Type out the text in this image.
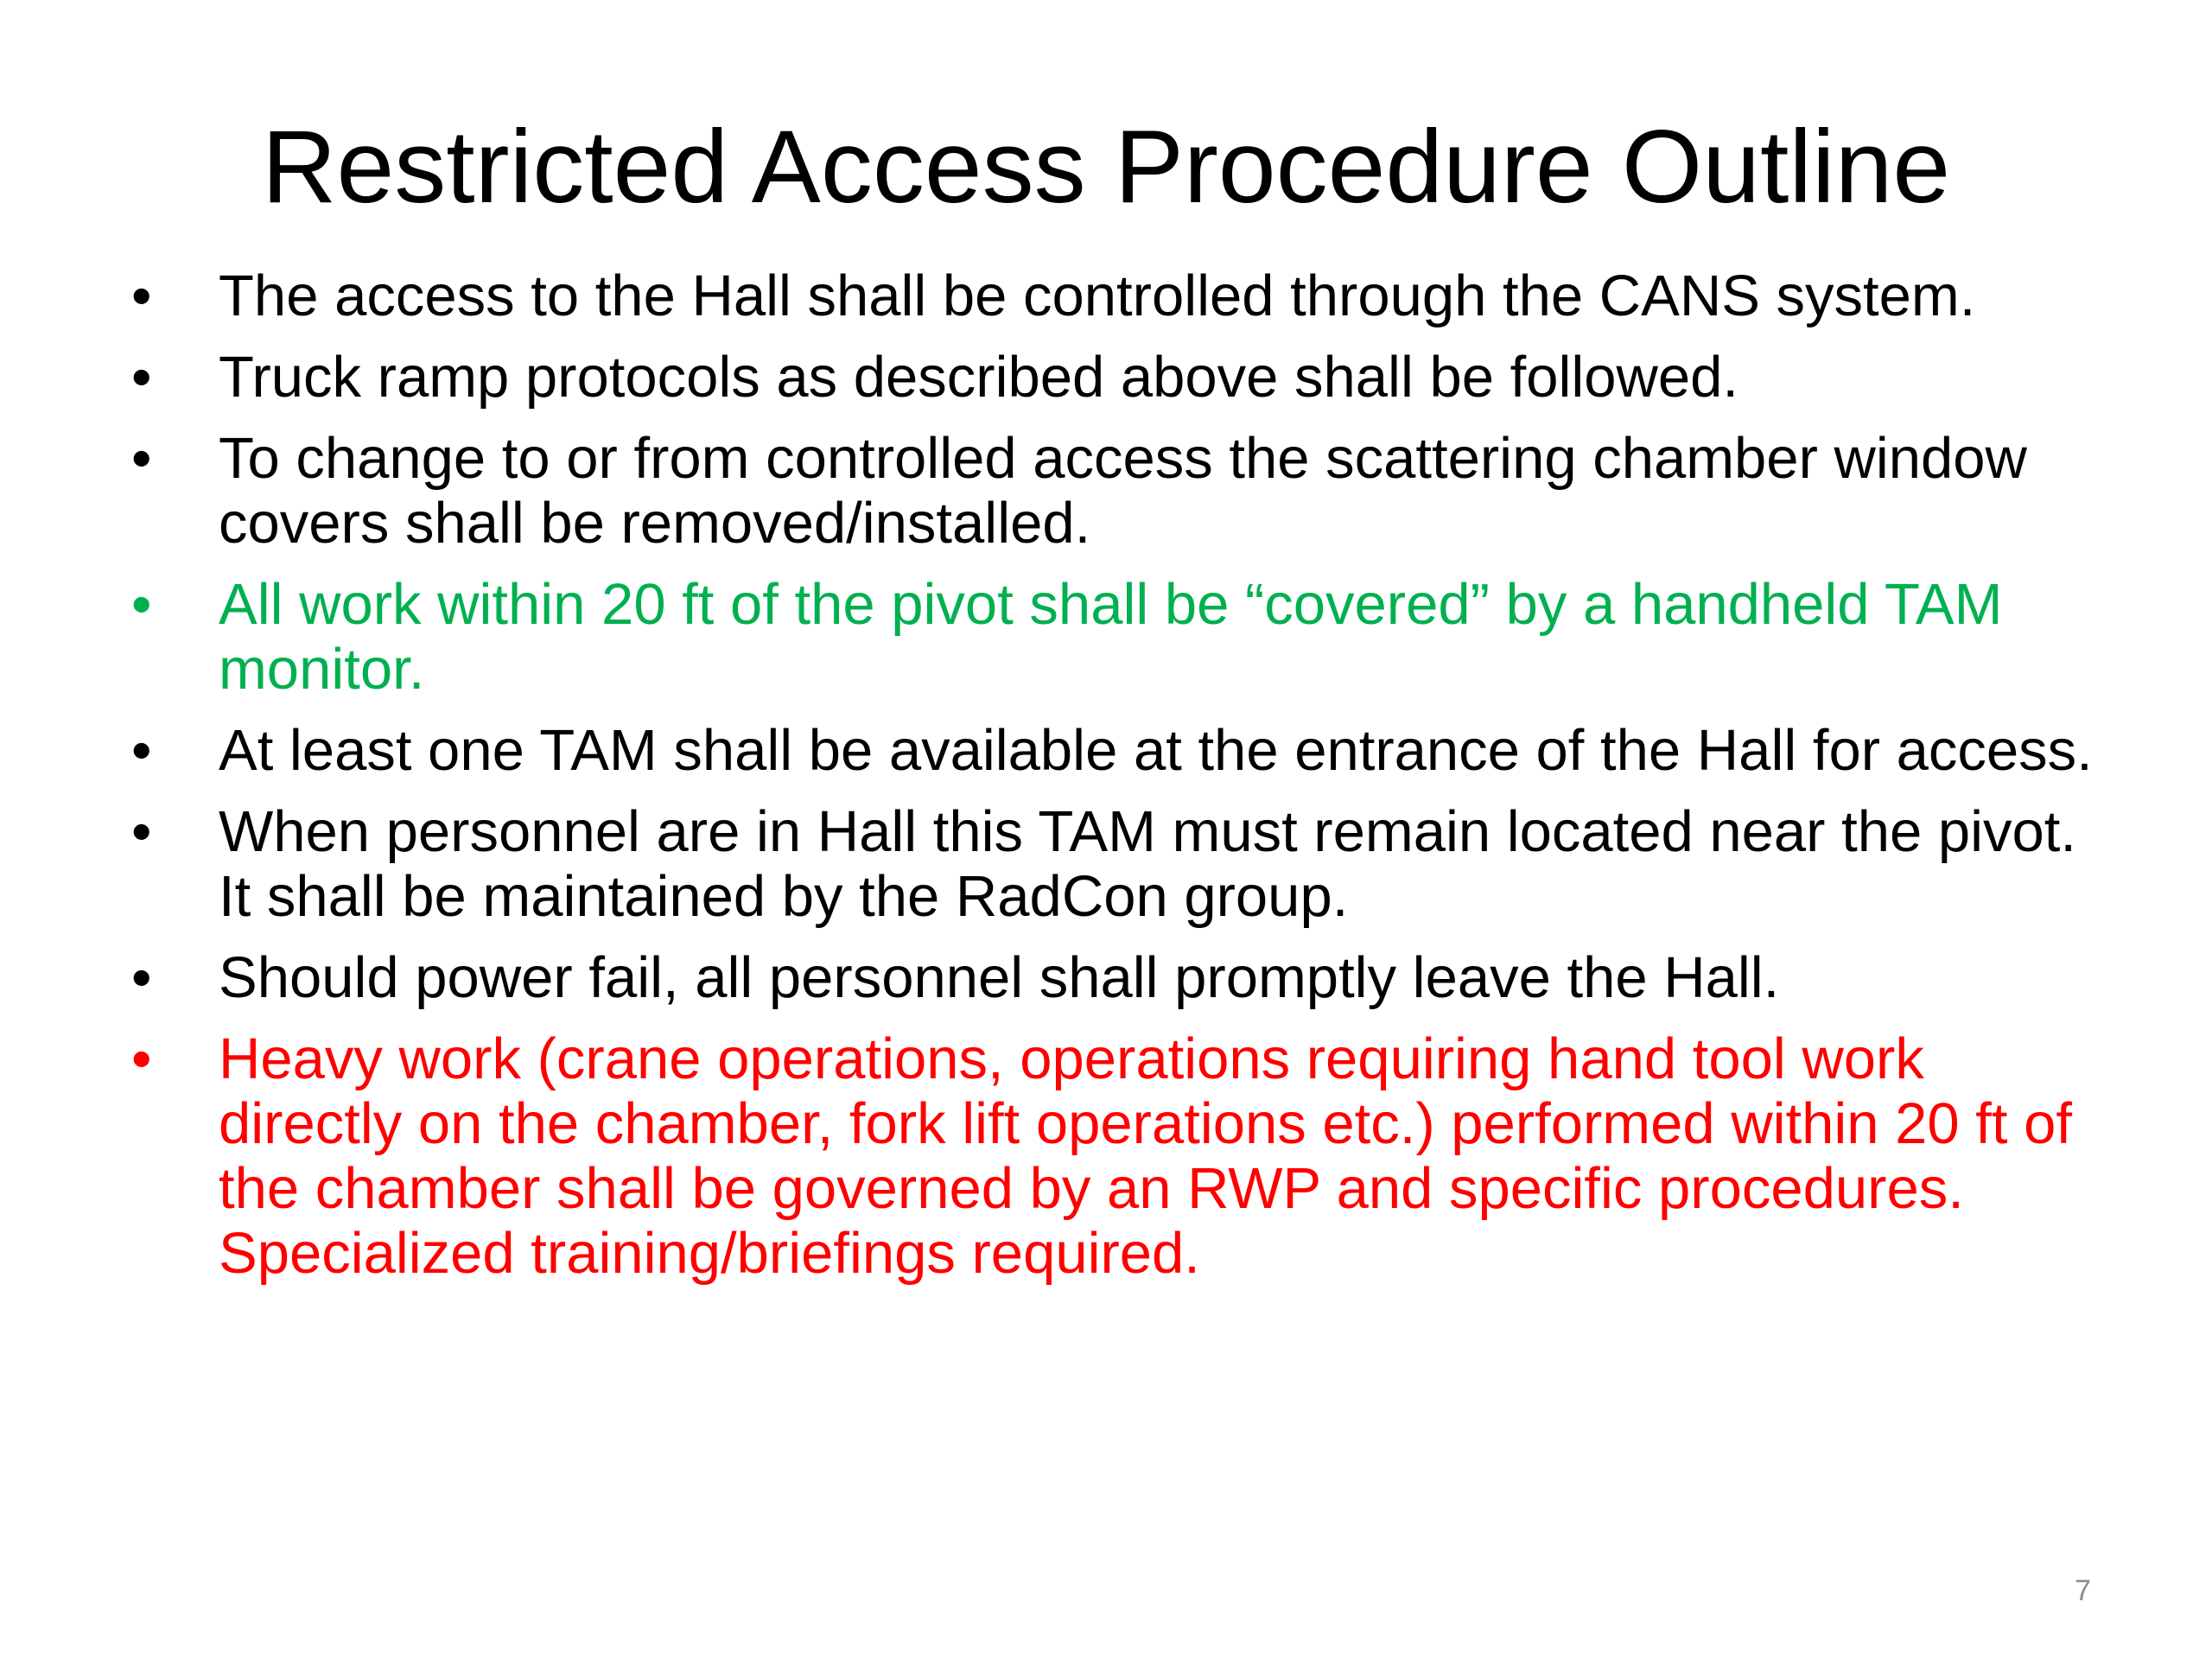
Restricted Access Procedure Outline
•	The access to the Hall shall be controlled through the CANS system.
•	Truck ramp protocols as described above shall be followed.
•	To change to or from controlled access the scattering chamber window covers shall be removed/installed.
•	All work within 20 ft of the pivot shall be “covered” by a handheld TAM monitor.
•	At least one TAM shall be available at the entrance of the Hall for access.
•	When personnel are in Hall this TAM must remain located near the pivot. It shall be maintained by the RadCon group.
•	Should power fail, all personnel shall promptly leave the Hall.
•	Heavy work (crane operations, operations requiring hand tool work directly on the chamber, fork lift operations etc.) performed within 20 ft of the chamber shall be governed by an RWP and specific procedures. Specialized training/briefings required.
7
